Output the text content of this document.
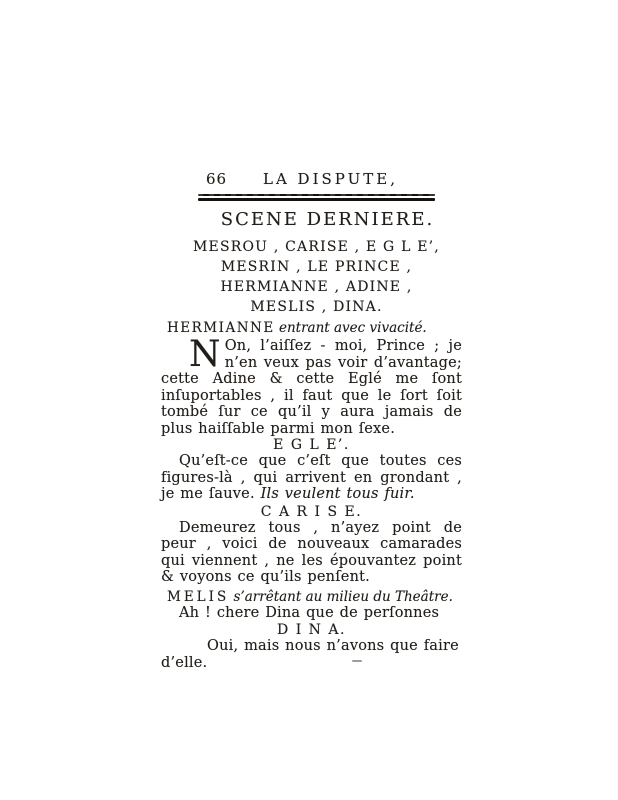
66 LA DISPUTE,
SCENE DERNIERE.
MESROU , CARISE , E G L E’,
MESRIN , LE PRINCE ,
HERMIANNE , ADINE ,
MESLIS , DINA.
HERMIANNE entrant avec vivacité.

N On, l’aiſſez - moi, Prince ; je n’en veux pas voir d’avantage; cette Adine & cette Eglé me ſont inſuportables , il faut que le ſort ſoit tombé ſur ce qu’il y aura jamais de plus haiſſable parmi mon ſexe.

E G L E’.

Qu’eſt-ce que c’eſt que toutes ces figures-là , qui arrivent en grondant , je me ſauve. Ils veulent tous fuir.

C A R I S E.

Demeurez tous , n’ayez point de peur , voici de nouveaux camarades qui viennent , ne les épouvantez point & voyons ce qu’ils penſent.

MELIS s’arrêtant au milieu du Theâtre.

Ah ! chere Dina que de perſonnes

D I N A.

Oui, mais nous n’avons que faire d’elle.
